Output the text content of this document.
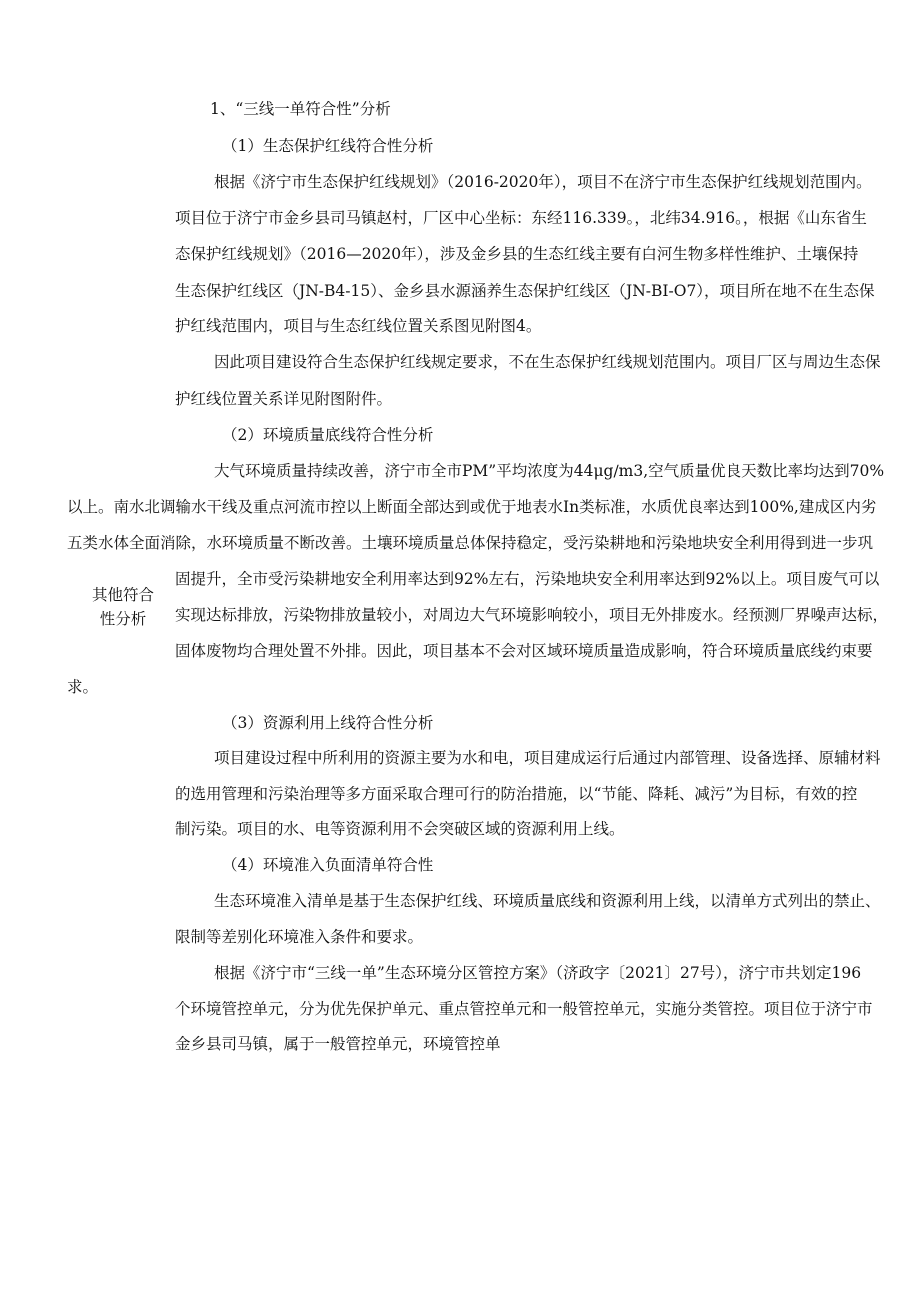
其他符合
性分析
1、“三线一单符合性”分析
（1）生态保护红线符合性分析
根据《济宁市生态保护红线规划》（2016-2020年），项目不在济宁市生态保护红线规划范围内。
项目位于济宁市金乡县司马镇赵村，厂区中心坐标：东经116.339。，北纬34.916。，根据《山东省生
态保护红线规划》（2016—2020年），涉及金乡县的生态红线主要有白河生物多样性维护、土壤保持
生态保护红线区（JN-B4-15）、金乡县水源涵养生态保护红线区（JN-BI-O7），项目所在地不在生态保
护红线范围内，项目与生态红线位置关系图见附图4。
因此项目建设符合生态保护红线规定要求，不在生态保护红线规划范围内。项目厂区与周边生态保
护红线位置关系详见附图附件。
（2）环境质量底线符合性分析
大气环境质量持续改善，济宁市全市PM”平均浓度为44μg∕m3,空气质量优良天数比率均达到70%
以上。南水北调输水干线及重点河流市控以上断面全部达到或优于地表水In类标准，水质优良率达到100%,建成区内劣
五类水体全面消除，水环境质量不断改善。土壤环境质量总体保持稳定，受污染耕地和污染地块安全利用得到进一步巩
固提升，全市受污染耕地安全利用率达到92%左右，污染地块安全利用率达到92%以上。项目废气可以
实现达标排放，污染物排放量较小，对周边大气环境影响较小，项目无外排废水。经预测厂界噪声达标，
固体废物均合理处置不外排。因此，项目基本不会对区域环境质量造成影响，符合环境质量底线约束要
求。
（3）资源利用上线符合性分析
项目建设过程中所利用的资源主要为水和电，项目建成运行后通过内部管理、设备选择、原辅材料
的选用管理和污染治理等多方面采取合理可行的防治措施，以“节能、降耗、减污”为目标，有效的控
制污染。项目的水、电等资源利用不会突破区域的资源利用上线。
（4）环境准入负面清单符合性
生态环境准入清单是基于生态保护红线、环境质量底线和资源利用上线，以清单方式列出的禁止、
限制等差别化环境准入条件和要求。
根据《济宁市“三线一单”生态环境分区管控方案》（济政字〔2021〕27号），济宁市共划定196
个环境管控单元，分为优先保护单元、重点管控单元和一般管控单元，实施分类管控。项目位于济宁市
金乡县司马镇，属于一般管控单元，环境管控单
